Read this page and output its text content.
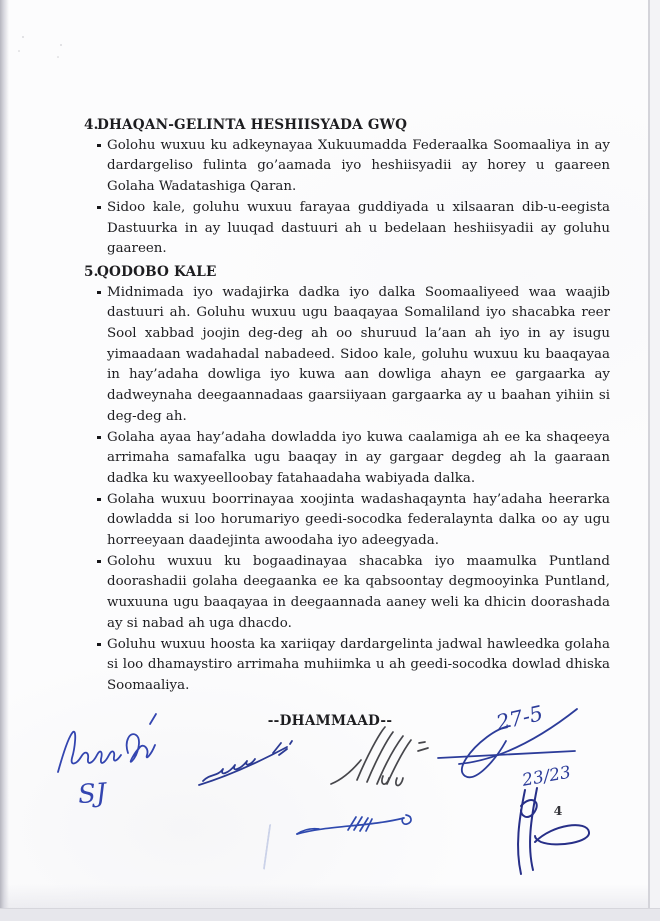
4.
DHAQAN-GELINTA HESHIISYADA GWQ
Golohu wuxuu ku adkeynayaa Xukuumadda Federaalka Soomaaliya in ay dardargeliso fulinta go’aamada iyo heshiisyadii ay horey u gaareen Golaha Wadatashiga Qaran.
Sidoo kale, goluhu wuxuu farayaa guddiyada u xilsaaran dib-u-eegista Dastuurka in ay luuqad dastuuri ah u bedelaan heshiisyadii ay goluhu gaareen.
5.
QODOBO KALE
Midnimada iyo wadajirka dadka iyo dalka Soomaaliyeed waa waajib dastuuri ah. Goluhu wuxuu ugu baaqayaa Somaliland iyo shacabka reer Sool xabbad joojin deg-deg ah oo shuruud la’aan ah iyo in ay isugu yimaadaan wadahadal nabadeed. Sidoo kale, goluhu wuxuu ku baaqayaa in hay’adaha dowliga iyo kuwa aan dowliga ahayn ee gargaarka ay dadweynaha deegaannadaas gaarsiiyaan gargaarka ay u baahan yihiin si deg-deg ah.
Golaha ayaa hay’adaha dowladda iyo kuwa caalamiga ah ee ka shaqeeya arrimaha samafalka ugu baaqay in ay gargaar degdeg ah la gaaraan dadka ku waxyeelloobay fatahaadaha wabiyada dalka.
Golaha wuxuu boorrinayaa xoojinta wadashaqaynta hay’adaha heerarka dowladda si loo horumariyo geedi-socodka federalaynta dalka oo ay ugu horreeyaan daadejinta awoodaha iyo adeegyada.
Golohu wuxuu ku bogaadinayaa shacabka iyo maamulka Puntland doorashadii golaha deegaanka ee ka qabsoontay degmooyinka Puntland, wuxuuna ugu baaqayaa in deegaannada aaney weli ka dhicin doorashada ay si nabad ah uga dhacdo.
Goluhu wuxuu hoosta ka xariiqay dardargelinta jadwal hawleedka golaha si loo dhamaystiro arrimaha muhiimka u ah geedi-socodka dowlad dhiska Soomaaliya.
--DHAMMAAD--
SJ
27-5
23/23
4
